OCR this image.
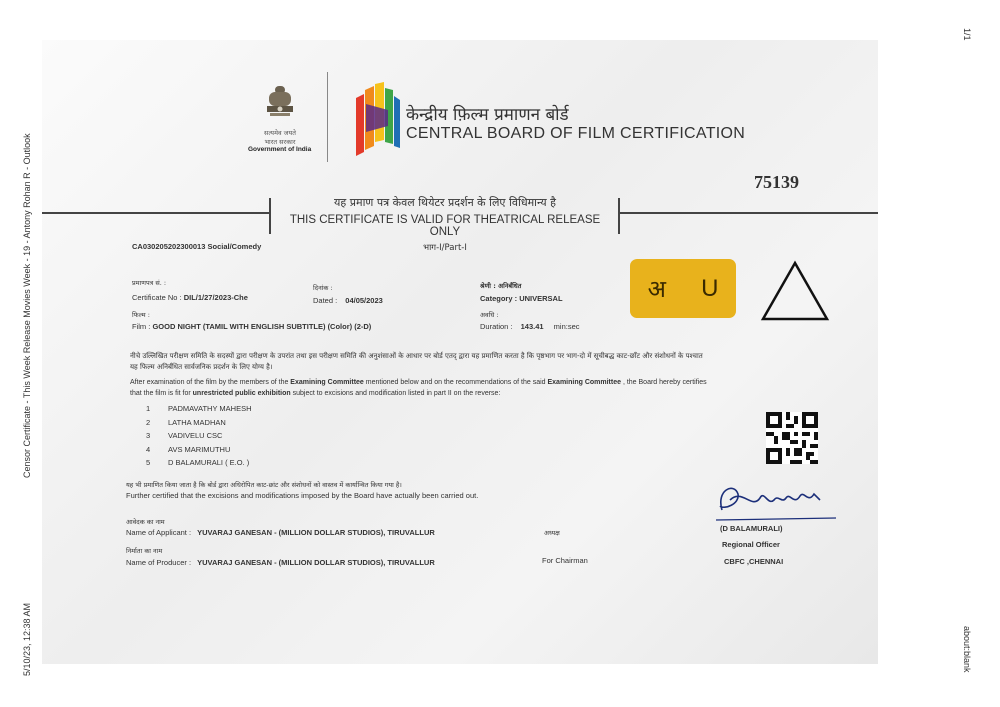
Censor Certificate - This Week Release Movies Week - 19 - Antony Rohan R - Outlook
5/10/23, 12:38 AM
1/1
about:blank
सत्यमेव जयते
भारत सरकार
Government of India
केन्द्रीय फ़िल्म प्रमाणन बोर्ड
CENTRAL BOARD OF FILM CERTIFICATION
75139
यह प्रमाण पत्र केवल थियेटर प्रदर्शन के लिए विधिमान्य है
THIS CERTIFICATE IS VALID FOR THEATRICAL RELEASE ONLY
भाग-I/Part-I
CA030205202300013 Social/Comedy
प्रमाणपत्र सं. :
Certificate No : DIL/1/27/2023-Che
दिनांक :
Dated : 04/05/2023
श्रेणी : अनिर्बंधित
Category : UNIVERSAL
फिल्म :
Film : GOOD NIGHT (TAMIL WITH ENGLISH SUBTITLE) (Color) (2-D)
अवधि :
Duration : 143.41 min:sec
अ U
नीचे उल्लिखित परीक्षण समिति के सदस्यों द्वारा परीक्षण के उपरांत तथा इस परीक्षण समिति की अनुशंसाओं के आधार पर बोर्ड एतद् द्वारा यह प्रमाणित करता है कि पृष्ठभाग पर भाग-दो में सूचीबद्ध काट-छाँट और संशोधनों के पश्चात
यह फिल्म अनिर्बंधित सार्वजनिक प्रदर्शन के लिए योग्य है।
After examination of the film by the members of the Examining Committee mentioned below and on the recommendations of the said Examining Committee , the Board hereby certifies
that the film is fit for unrestricted public exhibition subject to excisions and modification listed in part II on the reverse:
1 PADMAVATHY MAHESH
2 LATHA MADHAN
3 VADIVELU CSC
4 AVS MARIMUTHU
5 D BALAMURALI ( E.O. )
यह भी प्रमाणित किया जाता है कि बोर्ड द्वारा अधिरोपित काट-छांट और संशोधनों को वास्तव में कार्यान्वित किया गया है।
Further certified that the excisions and modifications imposed by the Board have actually been carried out.
(D BALAMURALI)
Regional Officer
CBFC ,CHENNAI
आवेदक का नाम
Name of Applicant : YUVARAJ GANESAN - (MILLION DOLLAR STUDIOS), TIRUVALLUR	अध्यक्ष
निर्माता का नाम
Name of Producer : YUVARAJ GANESAN - (MILLION DOLLAR STUDIOS), TIRUVALLUR	For Chairman
